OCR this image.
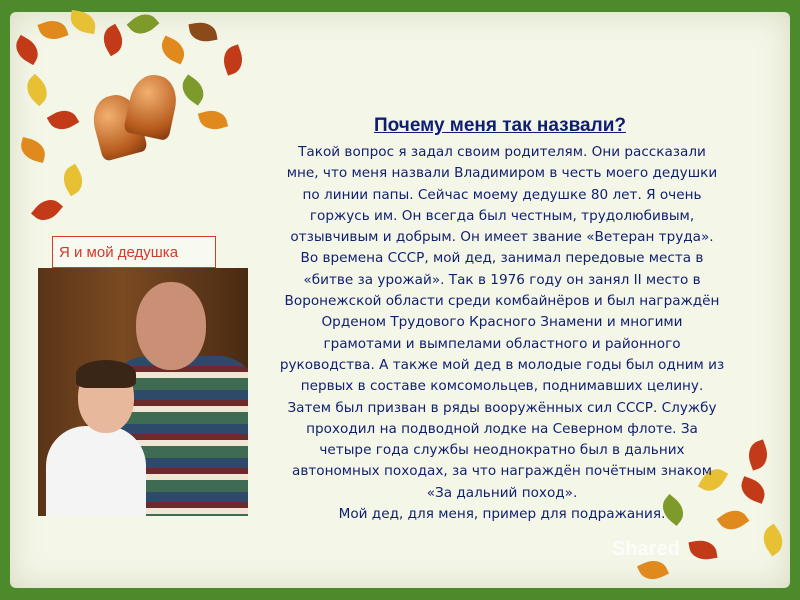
Почему меня так назвали?
Такой вопрос я задал своим родителям. Они рассказали
мне, что меня назвали Владимиром в честь моего дедушки
по линии папы. Сейчас моему дедушке 80 лет. Я очень
горжусь им. Он всегда был честным, трудолюбивым,
отзывчивым и добрым. Он имеет звание «Ветеран труда».
Во времена СССР, мой дед, занимал передовые места в
«битве за урожай». Так в 1976 году он занял II место в
Воронежской области среди комбайнёров и был награждён
Орденом Трудового Красного Знамени и многими
грамотами и вымпелами областного и районного
руководства. А также мой дед в молодые годы был одним из
первых в составе комсомольцев, поднимавших целину.
Затем был призван в ряды вооружённых сил СССР. Службу
проходил на подводной лодке на Северном флоте. За
четыре года службы неоднократно был в дальних
автономных походах, за что награждён почётным знаком
«За дальний поход».
Мой дед, для меня, пример для подражания.
Я и мой дедушка
Shared
